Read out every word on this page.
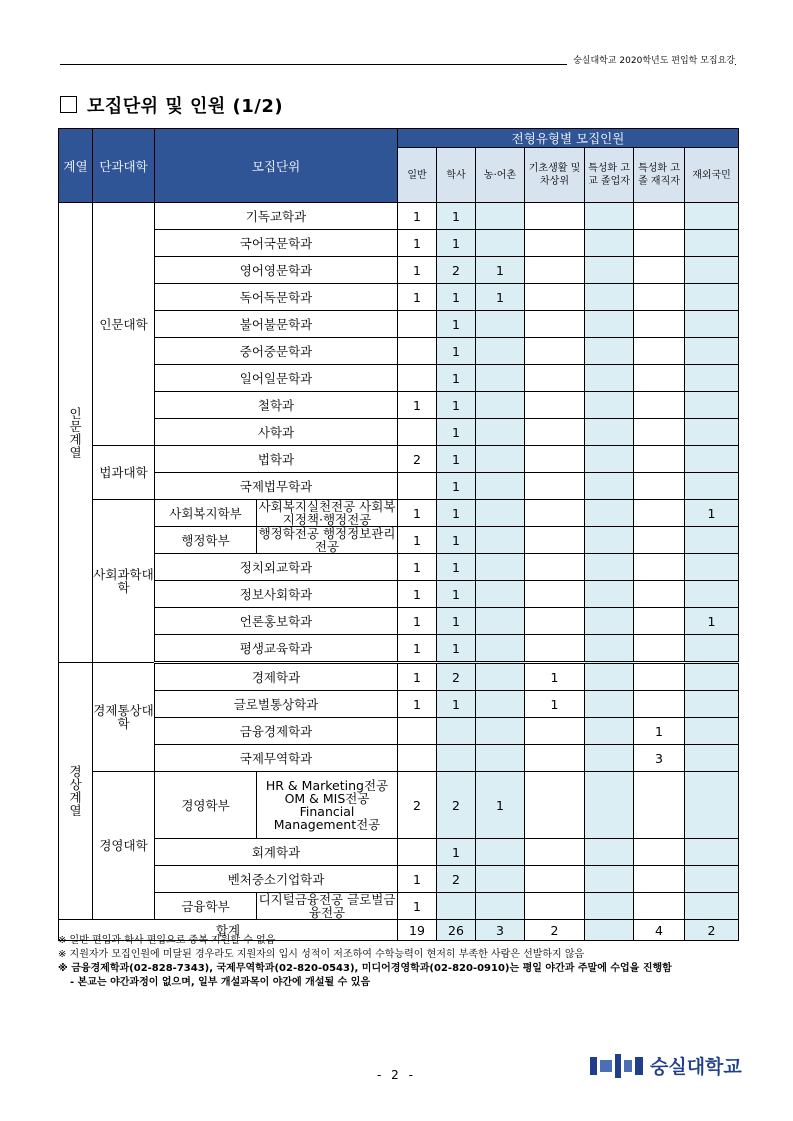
숭실대학교 2020학년도 편입학 모집요강
모집단위 및 인원 (1/2)
계열	단과대학	모집단위		전형유형별 모집인원						
				일반	학사	농·어촌	기초생활 및차상위	특성화 고교 졸업자	특성화 고졸 재직자	재외국민

인
문
계
열	인문대학	기독교학과		1	1					
		국어국문학과		1	1					
		영어영문학과		1	2	1				
		독어독문학과		1	1	1				
		불어불문학과			1					
		중어중문학과			1					
		일어일문학과			1					
		철학과		1	1					
		사학과			1					
	법과대학	법학과		2	1					
		국제법무학과			1					
	사회과학대학	사회복지학부	사회복지실천전공 사회복지정책·행정전공	1	1					1
		행정학부	행정학전공 행정정보관리전공	1	1					
		정치외교학과		1	1					
		정보사회학과		1	1					
		언론홍보학과		1	1					1
		평생교육학과		1	1					

경
상
계
열	경제통상대학	경제학과		1	2		1			
		글로벌통상학과		1	1		1			
		금융경제학과							1	
		국제무역학과							3	
	경영대학	경영학부	HR & Marketing전공 OM & MIS전공 Financial Management전공	2	2	1				
		회계학과			1					
		벤처중소기업학과		1	2					
		금융학부	디지털금융전공 글로벌금융전공	1						
합계				19	26	3	2		4	2
※ 일반 편입과 학사 편입으로 중복 지원할 수 없음
※ 지원자가 모집인원에 미달된 경우라도 지원자의 입시 성적이 저조하여 수학능력이 현저히 부족한 사람은 선발하지 않음
※ 금융경제학과(02-828-7343), 국제무역학과(02-820-0543), 미디어경영학과(02-820-0910)는 평일 야간과 주말에 수업을 진행함
- 본교는 야간과정이 없으며, 일부 개설과목이 야간에 개설될 수 있음
- 2 -	숭실대학교
